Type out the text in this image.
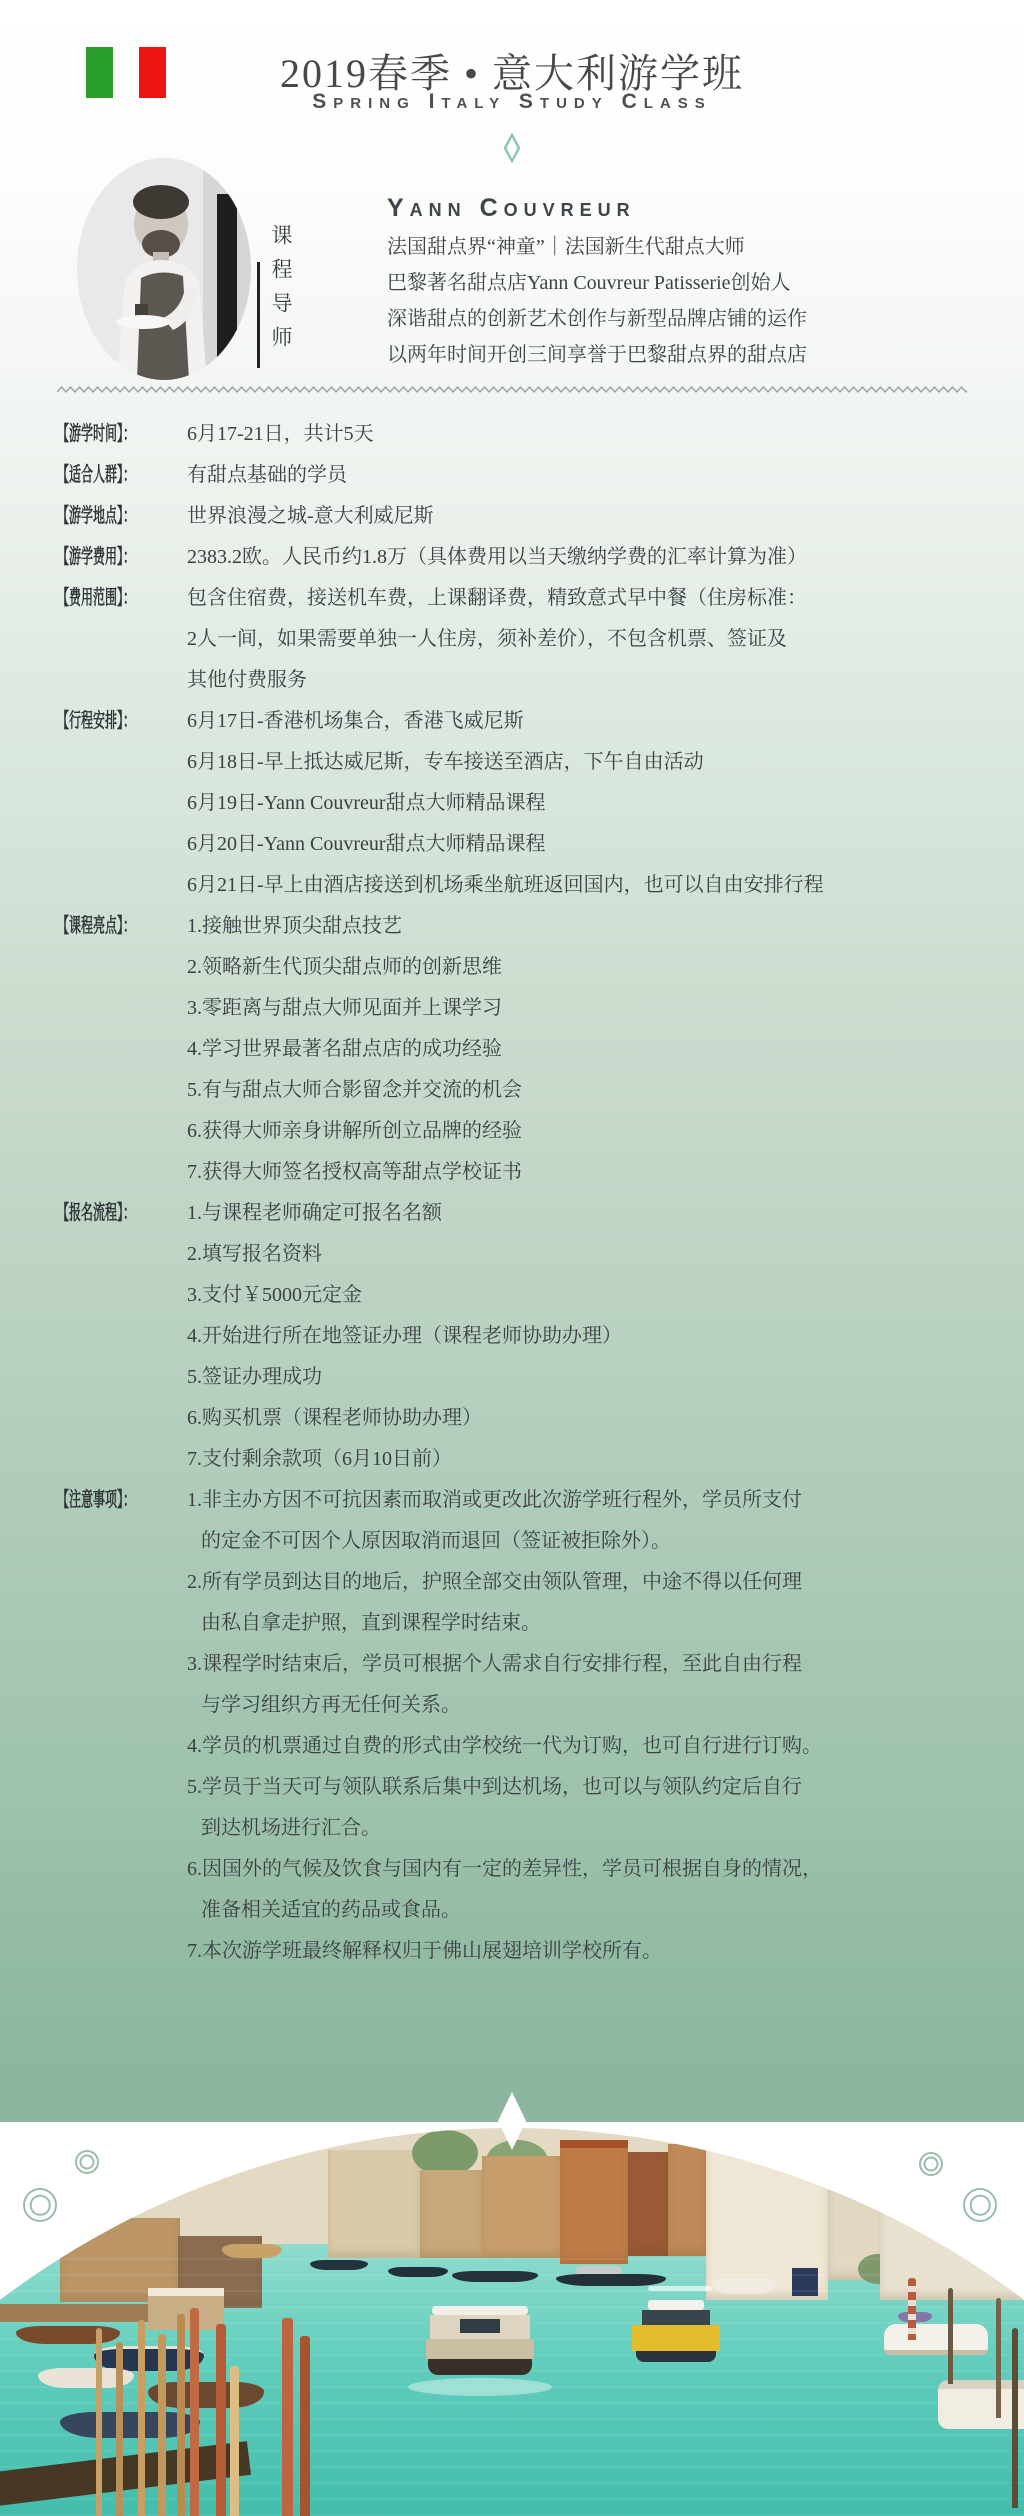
2019春季 • 意大利游学班
Spring Italy Study Class
课程导师
Yann Couvreur
法国甜点界“神童”｜法国新生代甜点大师
巴黎著名甜点店Yann Couvreur Patisserie创始人
深谐甜点的创新艺术创作与新型品牌店铺的运作
以两年时间开创三间享誉于巴黎甜点界的甜点店
【游学时间】：	6月17-21日，共计5天
【适合人群】：	有甜点基础的学员
【游学地点】：	世界浪漫之城-意大利威尼斯
【游学费用】：	2383.2欧。人民币约1.8万（具体费用以当天缴纳学费的汇率计算为准）
【费用范围】：	包含住宿费，接送机车费，上课翻译费，精致意式早中餐（住房标准：
2人一间，如果需要单独一人住房，须补差价），不包含机票、签证及
其他付费服务
【行程安排】：	6月17日-香港机场集合，香港飞威尼斯
6月18日-早上抵达威尼斯，专车接送至酒店，下午自由活动
6月19日-Yann Couvreur甜点大师精品课程
6月20日-Yann Couvreur甜点大师精品课程
6月21日-早上由酒店接送到机场乘坐航班返回国内，也可以自由安排行程
【课程亮点】：	1.接触世界顶尖甜点技艺
2.领略新生代顶尖甜点师的创新思维
3.零距离与甜点大师见面并上课学习
4.学习世界最著名甜点店的成功经验
5.有与甜点大师合影留念并交流的机会
6.获得大师亲身讲解所创立品牌的经验
7.获得大师签名授权高等甜点学校证书
【报名流程】：	1.与课程老师确定可报名名额
2.填写报名资料
3.支付￥5000元定金
4.开始进行所在地签证办理（课程老师协助办理）
5.签证办理成功
6.购买机票（课程老师协助办理）
7.支付剩余款项（6月10日前）
【注意事项】：	1.非主办方因不可抗因素而取消或更改此次游学班行程外，学员所支付
的定金不可因个人原因取消而退回（签证被拒除外）。
2.所有学员到达目的地后，护照全部交由领队管理，中途不得以任何理
由私自拿走护照，直到课程学时结束。
3.课程学时结束后，学员可根据个人需求自行安排行程，至此自由行程
与学习组织方再无任何关系。
4.学员的机票通过自费的形式由学校统一代为订购，也可自行进行订购。
5.学员于当天可与领队联系后集中到达机场，也可以与领队约定后自行
到达机场进行汇合。
6.因国外的气候及饮食与国内有一定的差异性，学员可根据自身的情况，
准备相关适宜的药品或食品。
7.本次游学班最终解释权归于佛山展翅培训学校所有。
